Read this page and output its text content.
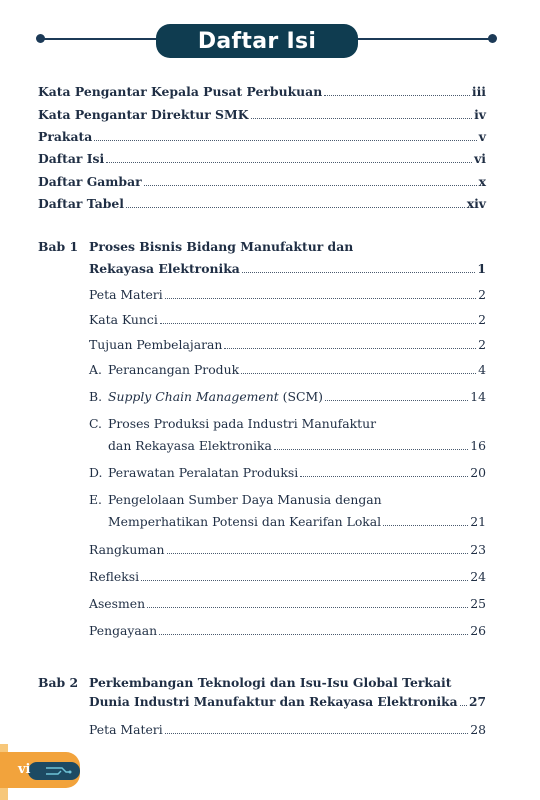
Daftar Isi
Kata Pengantar Kepala Pusat Perbukuan	iii
Kata Pengantar Direktur SMK	iv
Prakata	v
Daftar Isi	vi
Daftar Gambar	x
Daftar Tabel	xiv
Bab 1 Proses Bisnis Bidang Manufaktur dan
Rekayasa Elektronika	1
Peta Materi	2
Kata Kunci	2
Tujuan Pembelajaran	2
A. Perancangan Produk	4
B. Supply Chain Management (SCM)	14
C. Proses Produksi pada Industri Manufaktur
dan Rekayasa Elektronika	16
D. Perawatan Peralatan Produksi	20
E. Pengelolaan Sumber Daya Manusia dengan
Memperhatikan Potensi dan Kearifan Lokal	21
Rangkuman	23
Refleksi	24
Asesmen	25
Pengayaan	26
Bab 2 Perkembangan Teknologi dan Isu-Isu Global Terkait
Dunia Industri Manufaktur dan Rekayasa Elektronika 27
Peta Materi	28
vi
